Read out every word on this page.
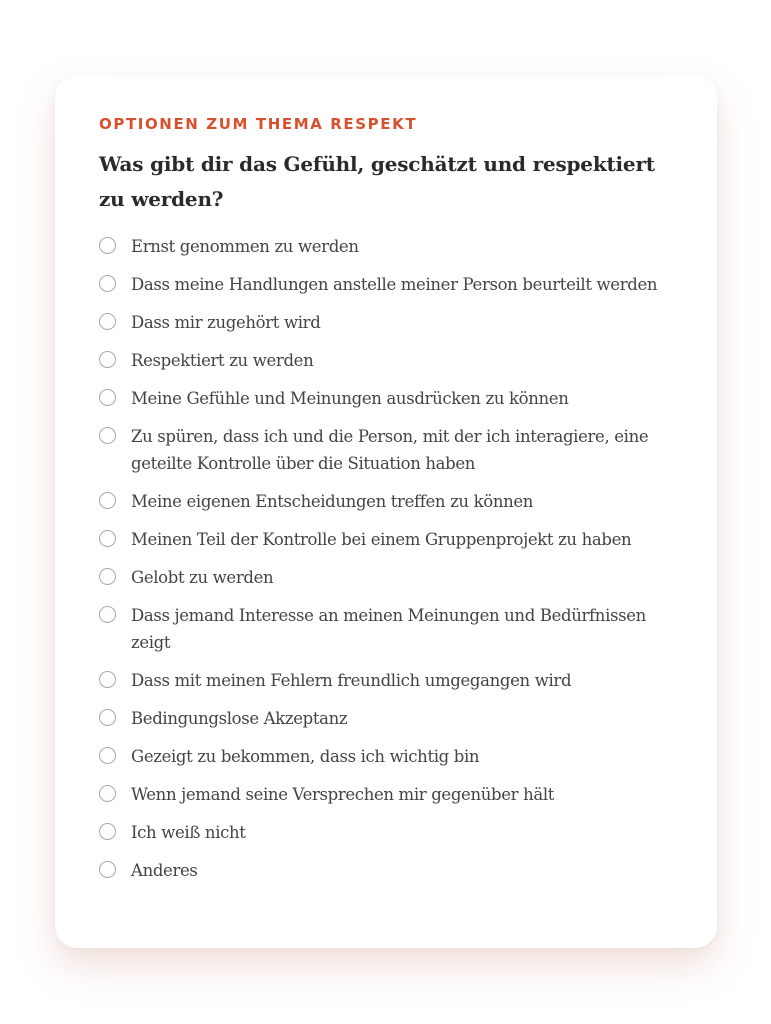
OPTIONEN ZUM THEMA RESPEKT

Was gibt dir das Gefühl, geschätzt und respektiert zu werden?
Ernst genommen zu werden
Dass meine Handlungen anstelle meiner Person beurteilt werden
Dass mir zugehört wird
Respektiert zu werden
Meine Gefühle und Meinungen ausdrücken zu können
Zu spüren, dass ich und die Person, mit der ich interagiere, eine geteilte Kontrolle über die Situation haben
Meine eigenen Entscheidungen treffen zu können
Meinen Teil der Kontrolle bei einem Gruppenprojekt zu haben
Gelobt zu werden
Dass jemand Interesse an meinen Meinungen und Bedürfnissen zeigt
Dass mit meinen Fehlern freundlich umgegangen wird
Bedingungslose Akzeptanz
Gezeigt zu bekommen, dass ich wichtig bin
Wenn jemand seine Versprechen mir gegenüber hält
Ich weiß nicht
Anderes
